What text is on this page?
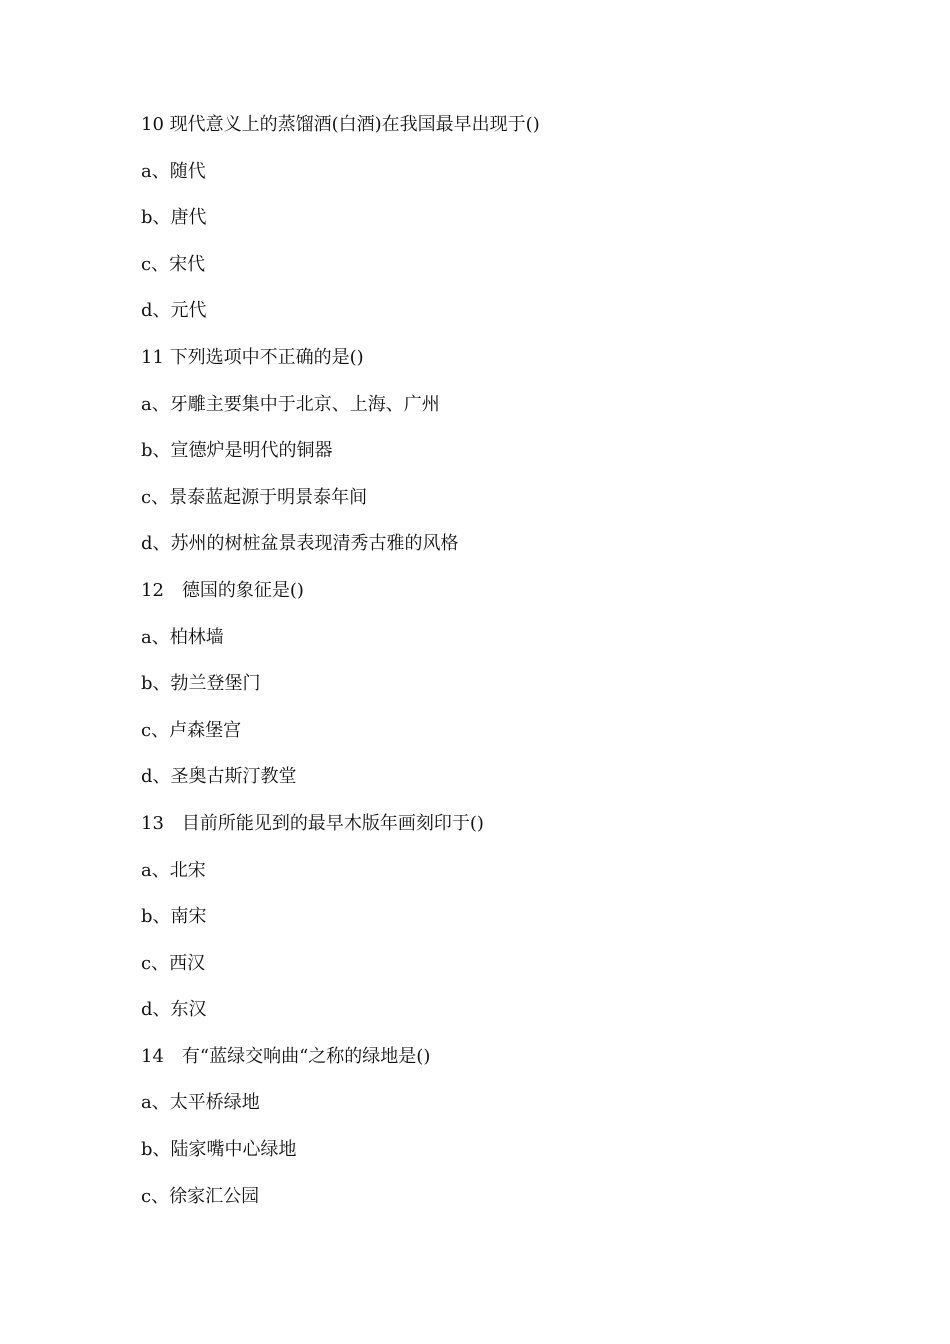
10 现代意义上的蒸馏酒(白酒)在我国最早出现于()
a、随代
b、唐代
c、宋代
d、元代
11 下列选项中不正确的是()
a、牙雕主要集中于北京、上海、广州
b、宣德炉是明代的铜器
c、景泰蓝起源于明景泰年间
d、苏州的树桩盆景表现清秀古雅的风格
12　德国的象征是()
a、柏林墙
b、勃兰登堡门
c、卢森堡宫
d、圣奥古斯汀教堂
13　目前所能见到的最早木版年画刻印于()
a、北宋
b、南宋
c、西汉
d、东汉
14　有“蓝绿交响曲“之称的绿地是()
a、太平桥绿地
b、陆家嘴中心绿地
c、徐家汇公园
